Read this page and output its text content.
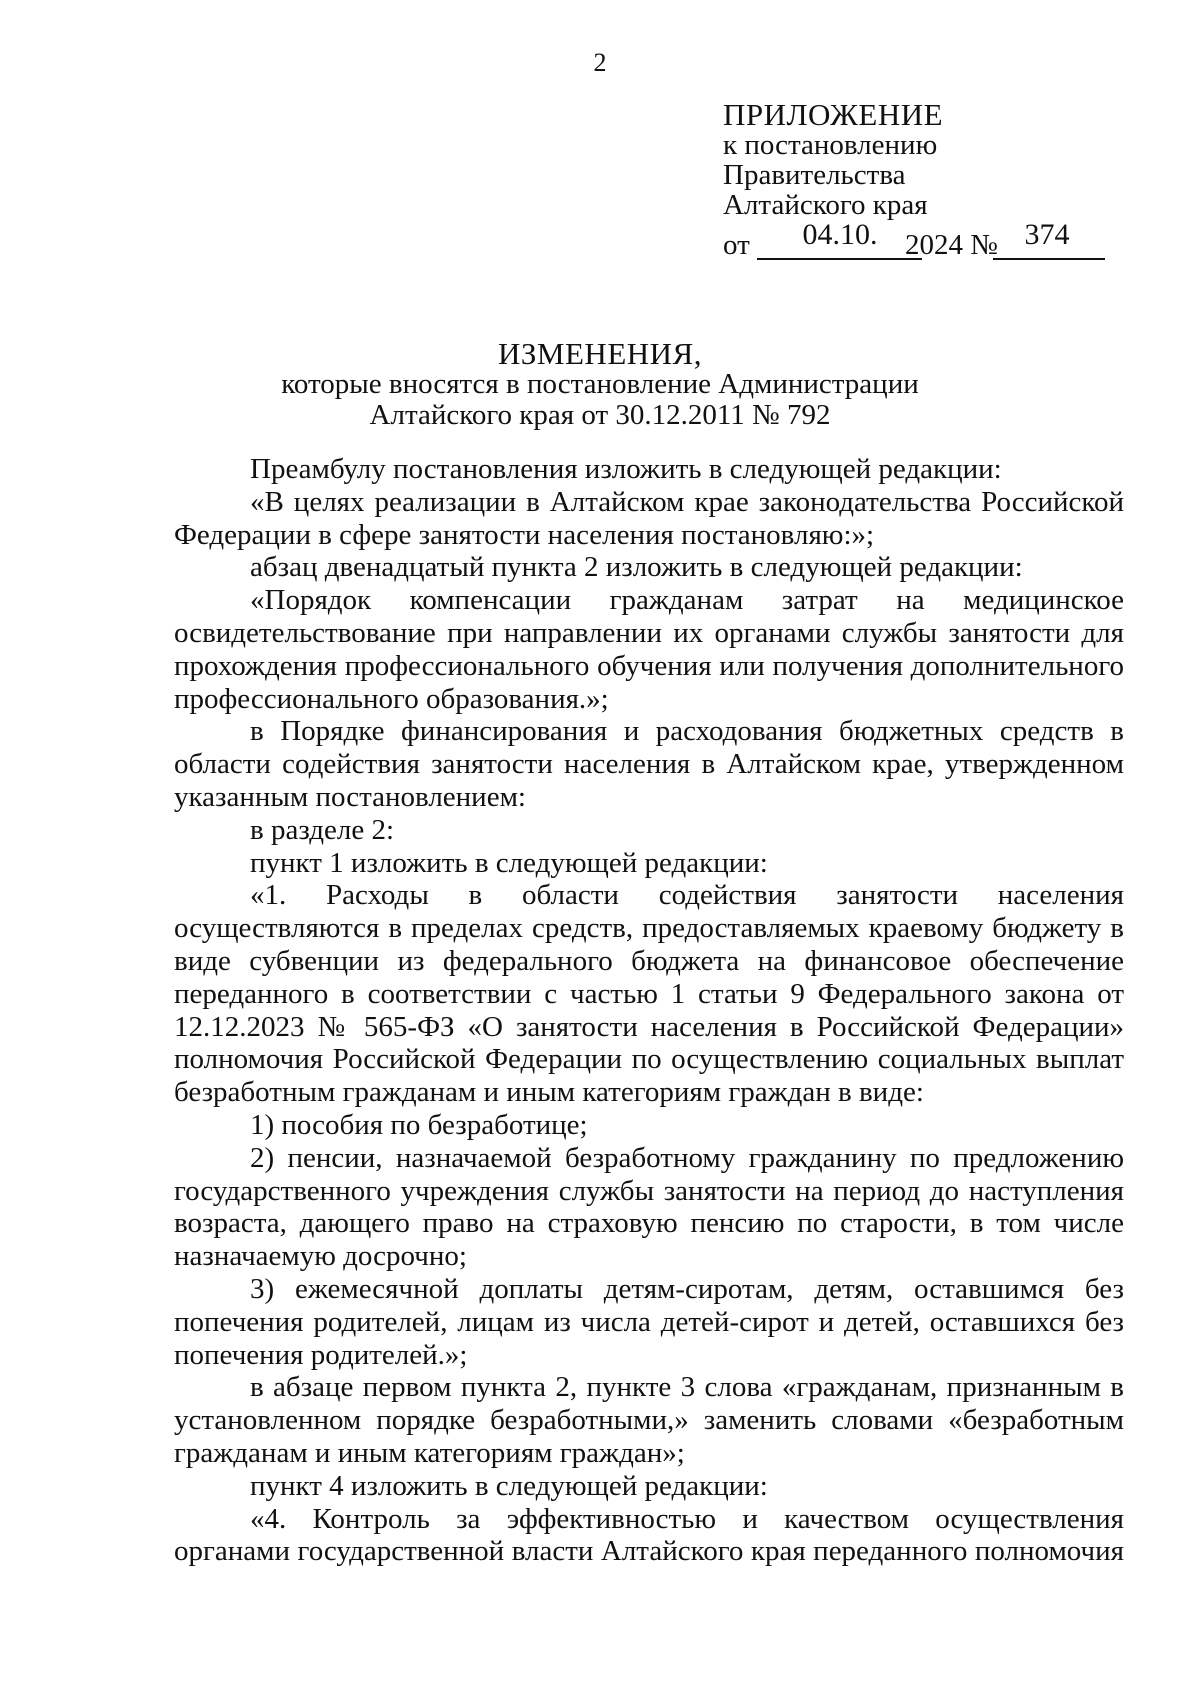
2
ПРИЛОЖЕНИЕ
к постановлению Правительства
Алтайского края
от	04.10. 2024 № 374
ИЗМЕНЕНИЯ,
которые вносятся в постановление Администрации
Алтайского края от 30.12.2011 № 792

Преамбулу постановления изложить в следующей редакции:

«В целях реализации в Алтайском крае законодательства Российской Федерации в сфере занятости населения постановляю:»;

абзац двенадцатый пункта 2 изложить в следующей редакции:

«Порядок компенсации гражданам затрат на медицинское освидетельствование при направлении их органами службы занятости для прохождения профессионального обучения или получения дополнительного профессионального образования.»;

в Порядке финансирования и расходования бюджетных средств в области содействия занятости населения в Алтайском крае, утвержденном указанным постановлением:

в разделе 2:

пункт 1 изложить в следующей редакции:

«1. Расходы в области содействия занятости населения осуществляются в пределах средств, предоставляемых краевому бюджету в виде субвенции из федерального бюджета на финансовое обеспечение переданного в соответствии с частью 1 статьи 9 Федерального закона от 12.12.2023 № 565-ФЗ «О занятости населения в Российской Федерации» полномочия Российской Федерации по осуществлению социальных выплат безработным гражданам и иным категориям граждан в виде:

1) пособия по безработице;

2) пенсии, назначаемой безработному гражданину по предложению государственного учреждения службы занятости на период до наступления возраста, дающего право на страховую пенсию по старости, в том числе назначаемую досрочно;

3) ежемесячной доплаты детям-сиротам, детям, оставшимся без попечения родителей, лицам из числа детей-сирот и детей, оставшихся без попечения родителей.»;

в абзаце первом пункта 2, пункте 3 слова «гражданам, признанным в установленном порядке безработными,» заменить словами «безработным гражданам и иным категориям граждан»;

пункт 4 изложить в следующей редакции:

«4. Контроль за эффективностью и качеством осуществления органами государственной власти Алтайского края переданного полномочия
